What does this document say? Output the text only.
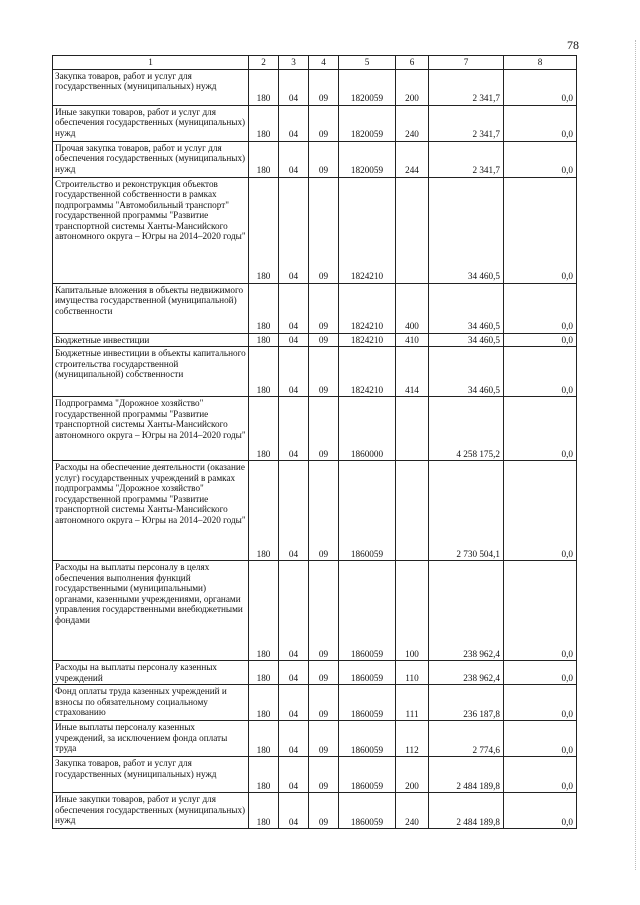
78
1	2	3	4	5	6	7	8
Закупка товаров, работ и услуг для государственных (муниципальных) нужд	180	04	09	1820059	200	2 341,7	0,0
Иные закупки товаров, работ и услуг для обеспечения государственных (муниципальных) нужд	180	04	09	1820059	240	2 341,7	0,0
Прочая закупка товаров, работ и услуг для обеспечения государственных (муниципальных) нужд	180	04	09	1820059	244	2 341,7	0,0
Строительство и реконструкция объектов государственной собственности в рамках подпрограммы "Автомобильный транспорт" государственной программы "Развитие транспортной системы Ханты-Мансийского автономного округа – Югры на 2014–2020 годы"	180	04	09	1824210		34 460,5	0,0
Капитальные вложения в объекты недвижимого имущества государственной (муниципальной) собственности	180	04	09	1824210	400	34 460,5	0,0
Бюджетные инвестиции	180	04	09	1824210	410	34 460,5	0,0
Бюджетные инвестиции в объекты капитального строительства государственной (муниципальной) собственности	180	04	09	1824210	414	34 460,5	0,0
Подпрограмма "Дорожное хозяйство" государственной программы "Развитие транспортной системы Ханты-Мансийского автономного округа – Югры на 2014–2020 годы"	180	04	09	1860000		4 258 175,2	0,0
Расходы на обеспечение деятельности (оказание услуг) государственных учреждений в рамках подпрограммы "Дорожное хозяйство" государственной программы "Развитие транспортной системы Ханты-Мансийского автономного округа – Югры на 2014–2020 годы"	180	04	09	1860059		2 730 504,1	0,0
Расходы на выплаты персоналу в целях обеспечения выполнения функций государственными (муниципальными) органами, казенными учреждениями, органами управления государственными внебюджетными фондами	180	04	09	1860059	100	238 962,4	0,0
Расходы на выплаты персоналу казенных учреждений	180	04	09	1860059	110	238 962,4	0,0
Фонд оплаты труда казенных учреждений и взносы по обязательному социальному страхованию	180	04	09	1860059	111	236 187,8	0,0
Иные выплаты персоналу казенных учреждений, за исключением фонда оплаты труда	180	04	09	1860059	112	2 774,6	0,0
Закупка товаров, работ и услуг для государственных (муниципальных) нужд	180	04	09	1860059	200	2 484 189,8	0,0
Иные закупки товаров, работ и услуг для обеспечения государственных (муниципальных) нужд	180	04	09	1860059	240	2 484 189,8	0,0
